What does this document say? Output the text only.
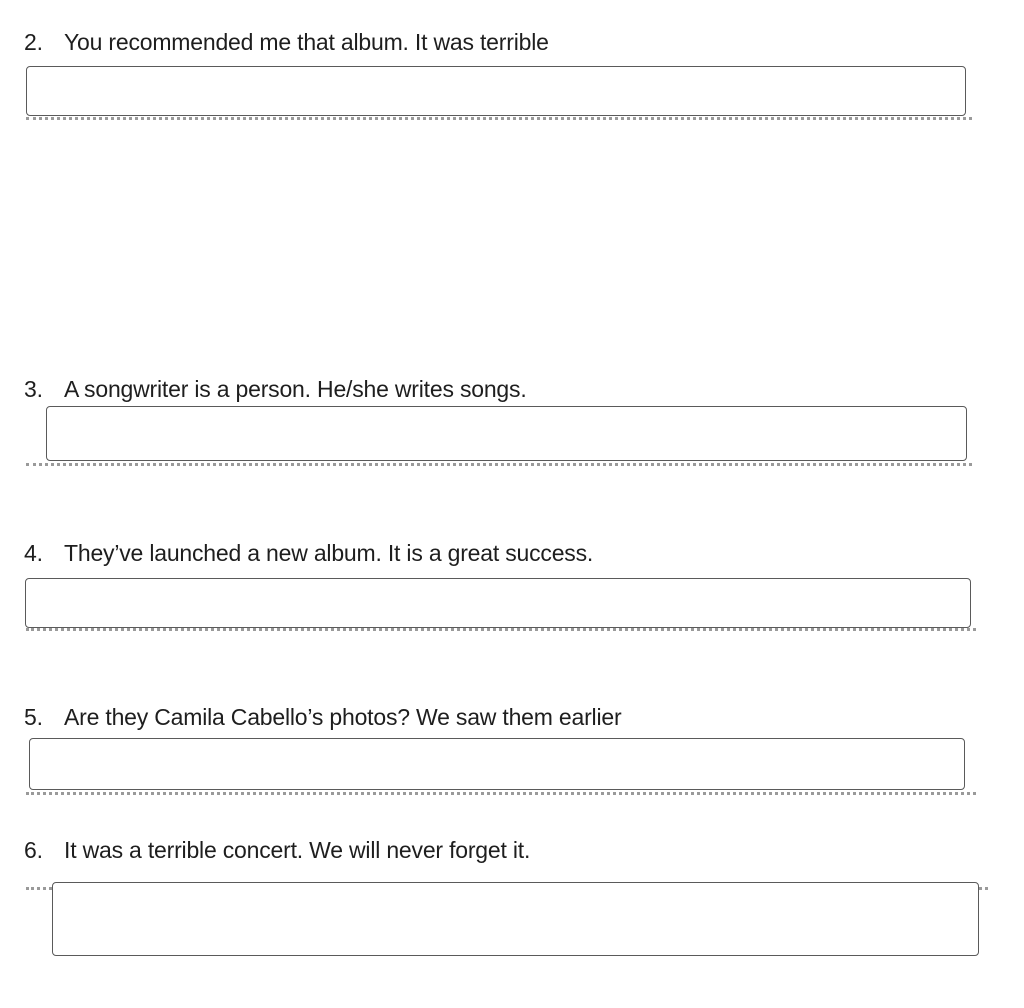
2. You recommended me that album. It was terrible
3. A songwriter is a person. He/she writes songs.
4. They’ve launched a new album. It is a great success.
5. Are they Camila Cabello’s photos? We saw them earlier
6. It was a terrible concert. We will never forget it.
